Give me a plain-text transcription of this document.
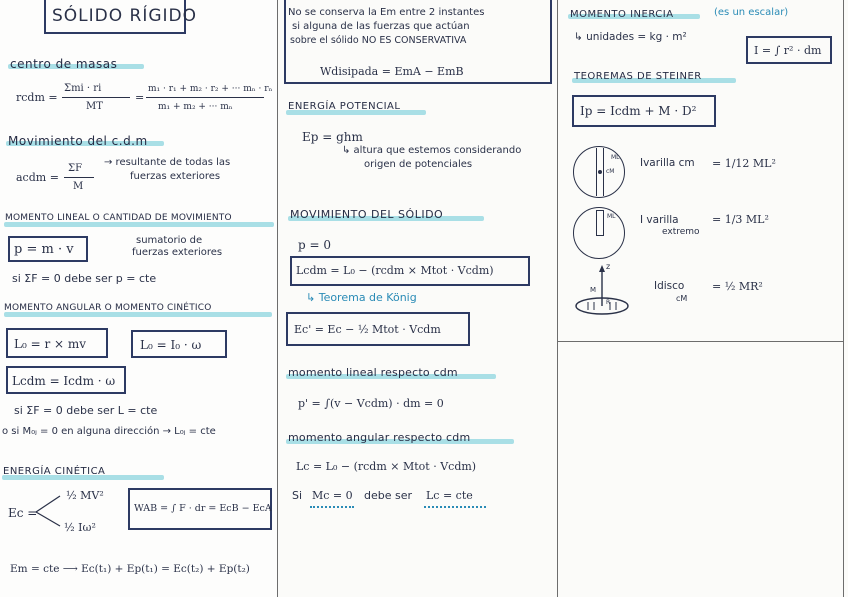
SÓLIDO RÍGIDO
centro de masas
rcdm =
Σmi · ri
MT
=
m₁ · r₁ + m₂ · r₂ + ··· mₙ · rₙ
m₁ + m₂ + ··· mₙ
Movimiento del c.d.m
acdm =
ΣF
M
→ resultante de todas las
fuerzas exteriores
MOMENTO LINEAL O CANTIDAD DE MOVIMIENTO
p = m · v
sumatorio de
fuerzas exteriores
si ΣF = 0 debe ser p = cte
MOMENTO ANGULAR O MOMENTO CINÉTICO
L₀ = r × mv	L₀ = I₀ · ω
Lcdm = Icdm · ω
si ΣF = 0 debe ser L = cte
o si M₀ⱼ = 0 en alguna dirección → L₀ⱼ = cte
ENERGÍA CINÉTICA
Ec =
½ MV²
½ Iω²
WAB = ∫ F · dr = EcB − EcA
Em = cte ⟶ Ec(t₁) + Ep(t₁) = Ec(t₂) + Ep(t₂)
No se conserva la Em entre 2 instantes
si alguna de las fuerzas que actúan
sobre el sólido NO ES CONSERVATIVA
Wdisipada = EmA − EmB
ENERGÍA POTENCIAL
Ep = ghm
↳ altura que estemos considerando
origen de potenciales
MOVIMIENTO DEL SÓLIDO
p = 0
Lcdm = L₀ − (rcdm × Mtot · Vcdm)
↳ Teorema de König
Ec' = Ec − ½ Mtot · Vcdm
momento lineal respecto cdm
p' = ∫(v − Vcdm) · dm = 0
momento angular respecto cdm
Lc = L₀ − (rcdm × Mtot · Vcdm)
Si Mc = 0 debe ser Lc = cte
MOMENTO INERCIA	(es un escalar)
↳ unidades = kg · m²
I = ∫ r² · dm
TEOREMAS DE STEINER
Ip = Icdm + M · D²
ML
cM
Ivarilla cm = 1/12 ML²
ML I varilla
extremo
= 1/3 ML²
z
M
R
Idisco
cM
= ½ MR²
